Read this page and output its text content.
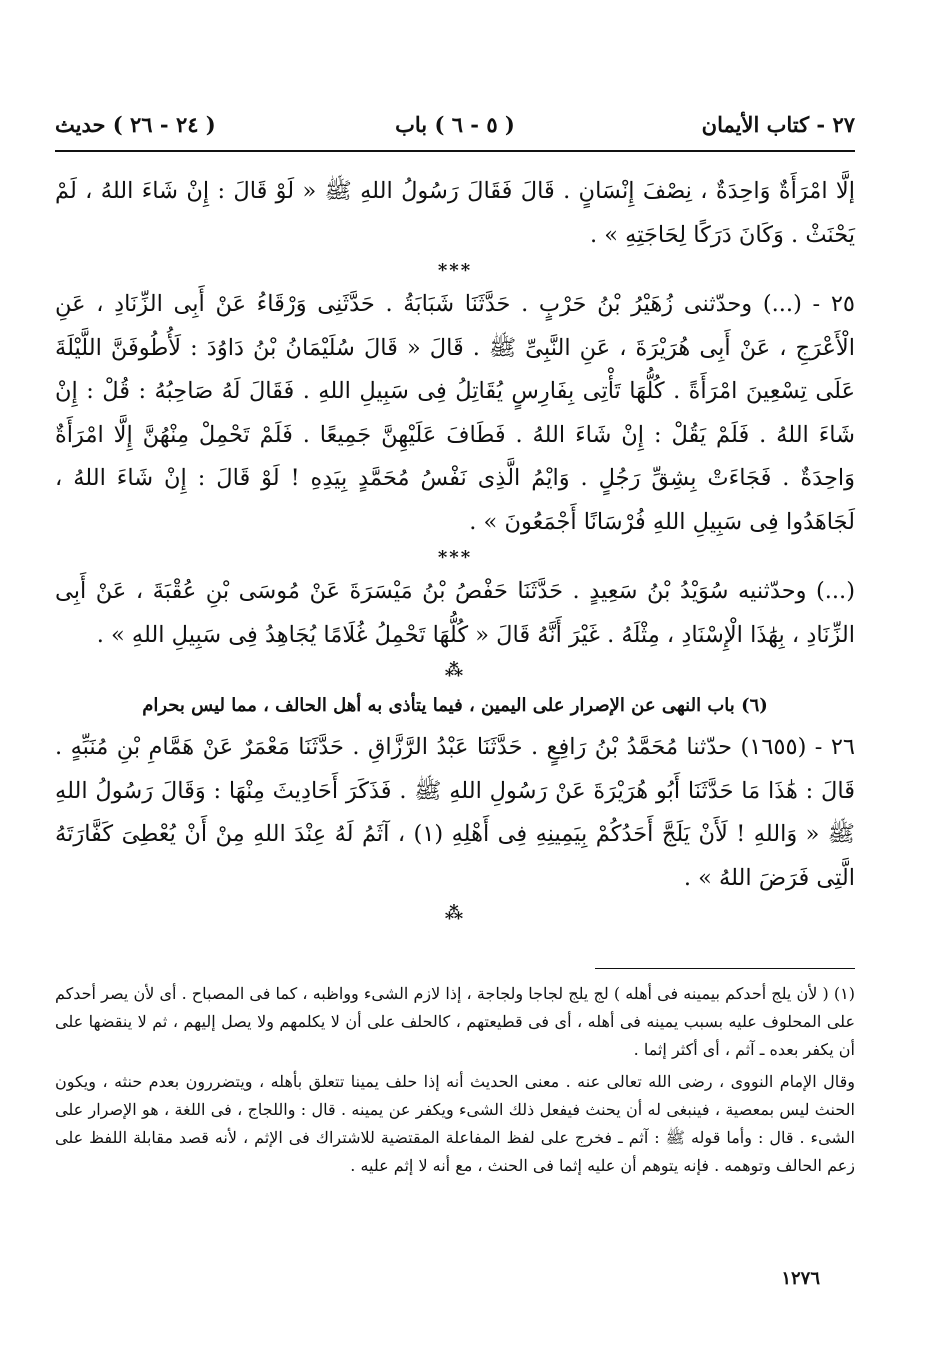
٢٧ - كتاب الأيمان
( ٥ - ٦ ) باب
( ٢٤ - ٢٦ ) حديث

إلَّا امْرَأَةٌ وَاحِدَةٌ ، نِصْفَ إِنْسَانٍ . قَالَ فَقَالَ رَسُولُ اللهِ ﷺ « لَوْ قَالَ : إِنْ شَاءَ اللهُ ، لَمْ يَحْنَثْ . وَكَانَ دَرَكًا لِحَاجَتِهِ » .

***

٢٥ - (...) وحدّثنى زُهَيْرُ بْنُ حَرْبٍ . حَدَّثَنَا شَبَابَةُ . حَدَّثَنِى وَرْقَاءُ عَنْ أَبِى الزِّنَادِ ، عَنِ الْأَعْرَجِ ، عَنْ أَبِى هُرَيْرَةَ ، عَنِ النَّبِىِّ ﷺ . قَالَ « قَالَ سُلَيْمَانُ بْنُ دَاوُدَ : لَأُطُوفَنَّ اللَّيْلَةَ عَلَى تِسْعِينَ امْرَأَةً . كُلُّهَا تَأْتِى بِفَارِسٍ يُقَاتِلُ فِى سَبِيلِ اللهِ . فَقَالَ لَهُ صَاحِبُهُ : قُلْ : إِنْ شَاءَ اللهُ . فَلَمْ يَقُلْ : إِنْ شَاءَ اللهُ . فَطَافَ عَلَيْهِنَّ جَمِيعًا . فَلَمْ تَحْمِلْ مِنْهُنَّ إِلَّا امْرَأَةٌ وَاحِدَةٌ . فَجَاءَتْ بِشِقِّ رَجُلٍ . وَايْمُ الَّذِى نَفْسُ مُحَمَّدٍ بِيَدِهِ ! لَوْ قَالَ : إِنْ شَاءَ اللهُ ، لَجَاهَدُوا فِى سَبِيلِ اللهِ فُرْسَانًا أَجْمَعُونَ » .

***

(...) وحدّثنيه سُوَيْدُ بْنُ سَعِيدٍ . حَدَّثَنَا حَفْصُ بْنُ مَيْسَرَةَ عَنْ مُوسَى بْنِ عُقْبَةَ ، عَنْ أَبِى الزِّنَادِ ، بِهَٰذَا الْإِسْنَادِ ، مِثْلَهُ . غَيْرَ أَنَّهُ قَالَ « كُلُّهَا تَحْمِلُ غُلَامًا يُجَاهِدُ فِى سَبِيلِ اللهِ » .

⁂
(٦) باب النهى عن الإصرار على اليمين ، فيما يتأذى به أهل الحالف ، مما ليس بحرام

٢٦ - (١٦٥٥) حدّثنا مُحَمَّدُ بْنُ رَافِعٍ . حَدَّثَنَا عَبْدُ الرَّزَّاقِ . حَدَّثَنَا مَعْمَرٌ عَنْ هَمَّامِ بْنِ مُنَبِّهٍ . قَالَ : هَٰذَا مَا حَدَّثَنَا أَبُو هُرَيْرَةَ عَنْ رَسُولِ اللهِ ﷺ . فَذَكَرَ أَحَادِيثَ مِنْهَا : وَقَالَ رَسُولُ اللهِ ﷺ « وَاللهِ ! لَأَنْ يَلَجَّ أَحَدُكُمْ بِيَمِينِهِ فِى أَهْلِهِ (١) ، آثَمُ لَهُ عِنْدَ اللهِ مِنْ أَنْ يُعْطِىَ كَفَّارَتَهُ الَّتِى فَرَضَ اللهُ » .

⁂

(١) ( لأن يلج أحدكم بيمينه فى أهله ) لج يلج لجاجا ولجاجة ، إذا لازم الشىء وواظبه ، كما فى المصباح . أى لأن يصر أحدكم على المحلوف عليه بسبب يمينه فى أهله ، أى فى قطيعتهم ، كالحلف على أن لا يكلمهم ولا يصل إليهم ، ثم لا ينقضها على أن يكفر بعده ـ آثم ، أى أكثر إثما .

وقال الإمام النووى ، رضى الله تعالى عنه . معنى الحديث أنه إذا حلف يمينا تتعلق بأهله ، ويتضررون بعدم حنثه ، ويكون الحنث ليس بمعصية ، فينبغى له أن يحنث فيفعل ذلك الشىء ويكفر عن يمينه . قال : واللجاج ، فى اللغة ، هو الإصرار على الشىء . قال : وأما قوله ﷺ : آثم ـ فخرج على لفظ المفاعلة المقتضية للاشتراك فى الإثم ، لأنه قصد مقابلة اللفظ على زعم الحالف وتوهمه . فإنه يتوهم أن عليه إثما فى الحنث ، مع أنه لا إثم عليه .

١٢٧٦
